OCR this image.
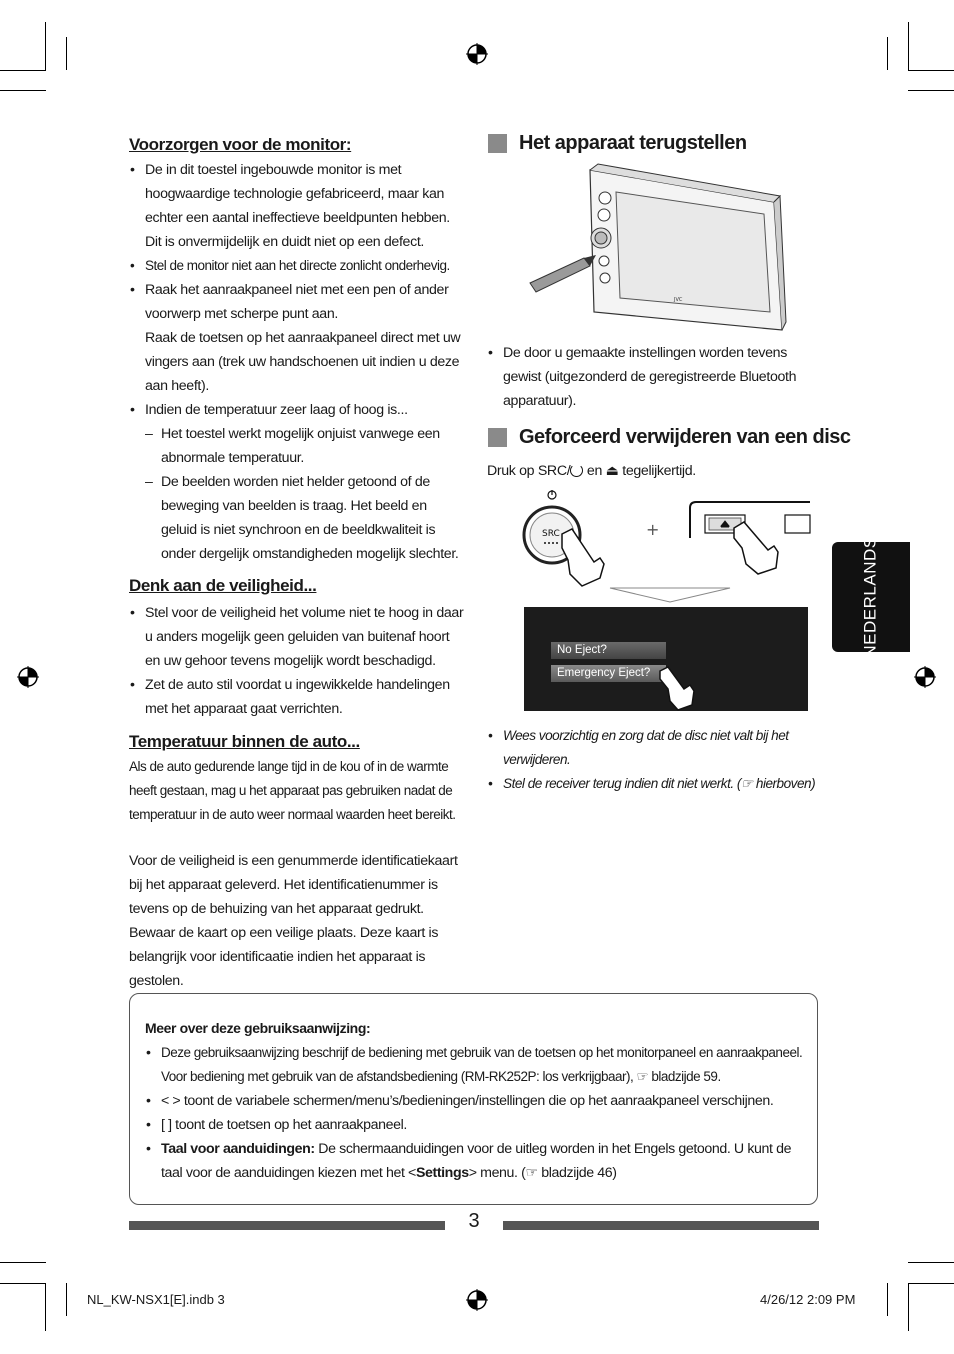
Voorzorgen voor de monitor:
• De in dit toestel ingebouwde monitor is met hoogwaardige technologie gefabriceerd, maar kan echter een aantal ineffectieve beeldpunten hebben. Dit is onvermijdelijk en duidt niet op een defect.
• Stel de monitor niet aan het directe zonlicht onderhevig.

• Raak het aanraakpaneel niet met een pen of ander voorwerp met scherpe punt aan.

Raak de toetsen op het aanraakpaneel direct met uw vingers aan (trek uw handschoenen uit indien u deze aan heeft).

• Indien de temperatuur zeer laag of hoog is...

– Het toestel werkt mogelijk onjuist vanwege een abnormale temperatuur.
– De beelden worden niet helder getoond of de beweging van beelden is traag. Het beeld en geluid is niet synchroon en de beeldkwaliteit is onder dergelijk omstandigheden mogelijk slechter.
Denk aan de veiligheid...
• Stel voor de veiligheid het volume niet te hoog in daar u anders mogelijk geen geluiden van buitenaf hoort en uw gehoor tevens mogelijk wordt beschadigd.
• Zet de auto stil voordat u ingewikkelde handelingen met het apparaat gaat verrichten.
Temperatuur binnen de auto...

Als de auto gedurende lange tijd in de kou of in de warmte heeft gestaan, mag u het apparaat pas gebruiken nadat de temperatuur in de auto weer normaal waarden heet bereikt.

Voor de veiligheid is een genummerde identificatiekaart bij het apparaat geleverd. Het identificatienummer is tevens op de behuizing van het apparaat gedrukt. Bewaar de kaart op een veilige plaats. Deze kaart is belangrijk voor identificaatie indien het apparaat is gestolen.

Het apparaat terugstellen
JVC
• De door u gemaakte instellingen worden tevens gewist (uitgezonderd de geregistreerde Bluetooth apparatuur).
Geforceerd verwijderen van een disc
Druk op SRC/ en ⏏ tegelijkertijd.
SRC	+
No Eject?
Emergency Eject?
• Wees voorzichtig en zorg dat de disc niet valt bij het verwijderen.
• Stel de receiver terug indien dit niet werkt. (☞ hierboven)
NEDERLANDS

Meer over deze gebruiksaanwijzing:

• Deze gebruiksaanwijzing beschrijf de bediening met gebruik van de toetsen op het monitorpaneel en aanraakpaneel.

Voor bediening met gebruik van de afstandsbediening (RM-RK252P: los verkrijgbaar), ☞ bladzijde 59.

• < > toont de variabele schermen/menu’s/bedieningen/instellingen die op het aanraakpaneel verschijnen.
• [ ] toont de toetsen op het aanraakpaneel.

• Taal voor aanduidingen: De schermaanduidingen voor de uitleg worden in het Engels getoond. U kunt de

taal voor de aanduidingen kiezen met het <Settings> menu. (☞ bladzijde 46)

3
NL_KW-NSX1[E].indb 3	4/26/12 2:09 PM
